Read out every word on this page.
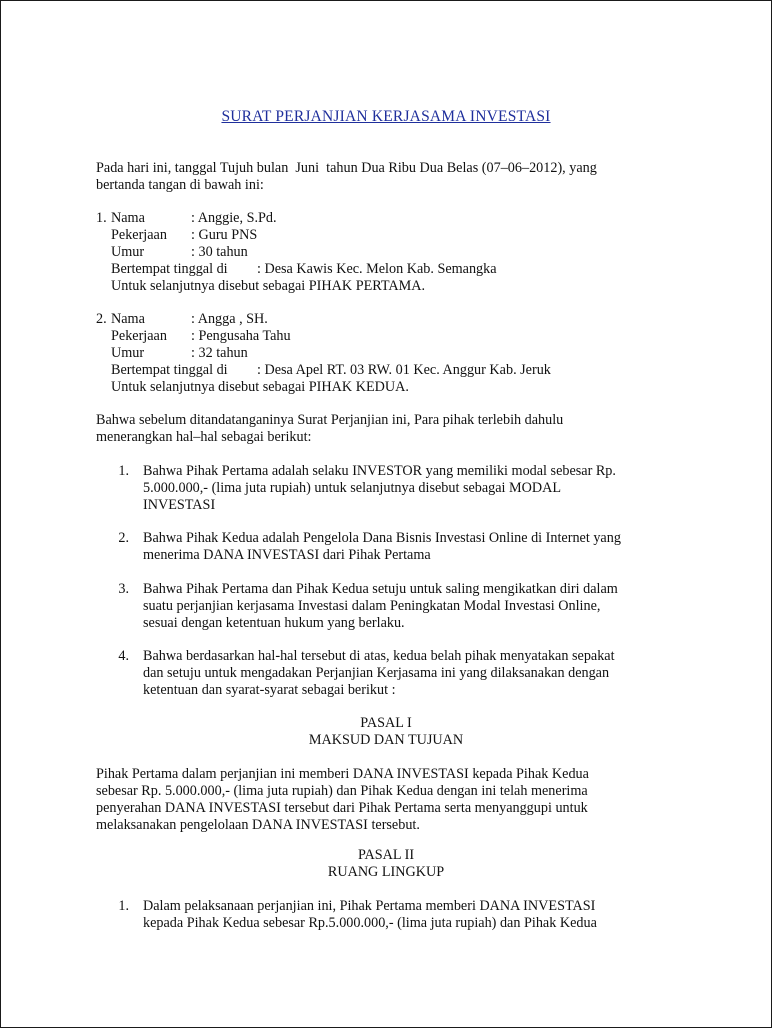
SURAT PERJANJIAN KERJASAMA INVESTASI
Pada hari ini, tanggal Tujuh bulan  Juni  tahun Dua Ribu Dua Belas (07–06–2012), yang
bertanda tangan di bawah ini:
1. Nama	: Anggie, S.Pd.
Pekerjaan : Guru PNS
Umur	: 30 tahun
Bertempat tinggal di : Desa Kawis Kec. Melon Kab. Semangka
Untuk selanjutnya disebut sebagai PIHAK PERTAMA.
2. Nama	: Angga , SH.
Pekerjaan : Pengusaha Tahu
Umur	: 32 tahun
Bertempat tinggal di : Desa Apel RT. 03 RW. 01 Kec. Anggur Kab. Jeruk
Untuk selanjutnya disebut sebagai PIHAK KEDUA.
Bahwa sebelum ditandatanganinya Surat Perjanjian ini, Para pihak terlebih dahulu
menerangkan hal–hal sebagai berikut:
1. Bahwa Pihak Pertama adalah selaku INVESTOR yang memiliki modal sebesar Rp.
5.000.000,- (lima juta rupiah) untuk selanjutnya disebut sebagai MODAL
INVESTASI
2. Bahwa Pihak Kedua adalah Pengelola Dana Bisnis Investasi Online di Internet yang
menerima DANA INVESTASI dari Pihak Pertama
3. Bahwa Pihak Pertama dan Pihak Kedua setuju untuk saling mengikatkan diri dalam
suatu perjanjian kerjasama Investasi dalam Peningkatan Modal Investasi Online,
sesuai dengan ketentuan hukum yang berlaku.
4. Bahwa berdasarkan hal-hal tersebut di atas, kedua belah pihak menyatakan sepakat
dan setuju untuk mengadakan Perjanjian Kerjasama ini yang dilaksanakan dengan
ketentuan dan syarat-syarat sebagai berikut :
PASAL I
MAKSUD DAN TUJUAN
Pihak Pertama dalam perjanjian ini memberi DANA INVESTASI kepada Pihak Kedua
sebesar Rp. 5.000.000,- (lima juta rupiah) dan Pihak Kedua dengan ini telah menerima
penyerahan DANA INVESTASI tersebut dari Pihak Pertama serta menyanggupi untuk
melaksanakan pengelolaan DANA INVESTASI tersebut.
PASAL II
RUANG LINGKUP
1. Dalam pelaksanaan perjanjian ini, Pihak Pertama memberi DANA INVESTASI
kepada Pihak Kedua sebesar Rp.5.000.000,- (lima juta rupiah) dan Pihak Kedua
